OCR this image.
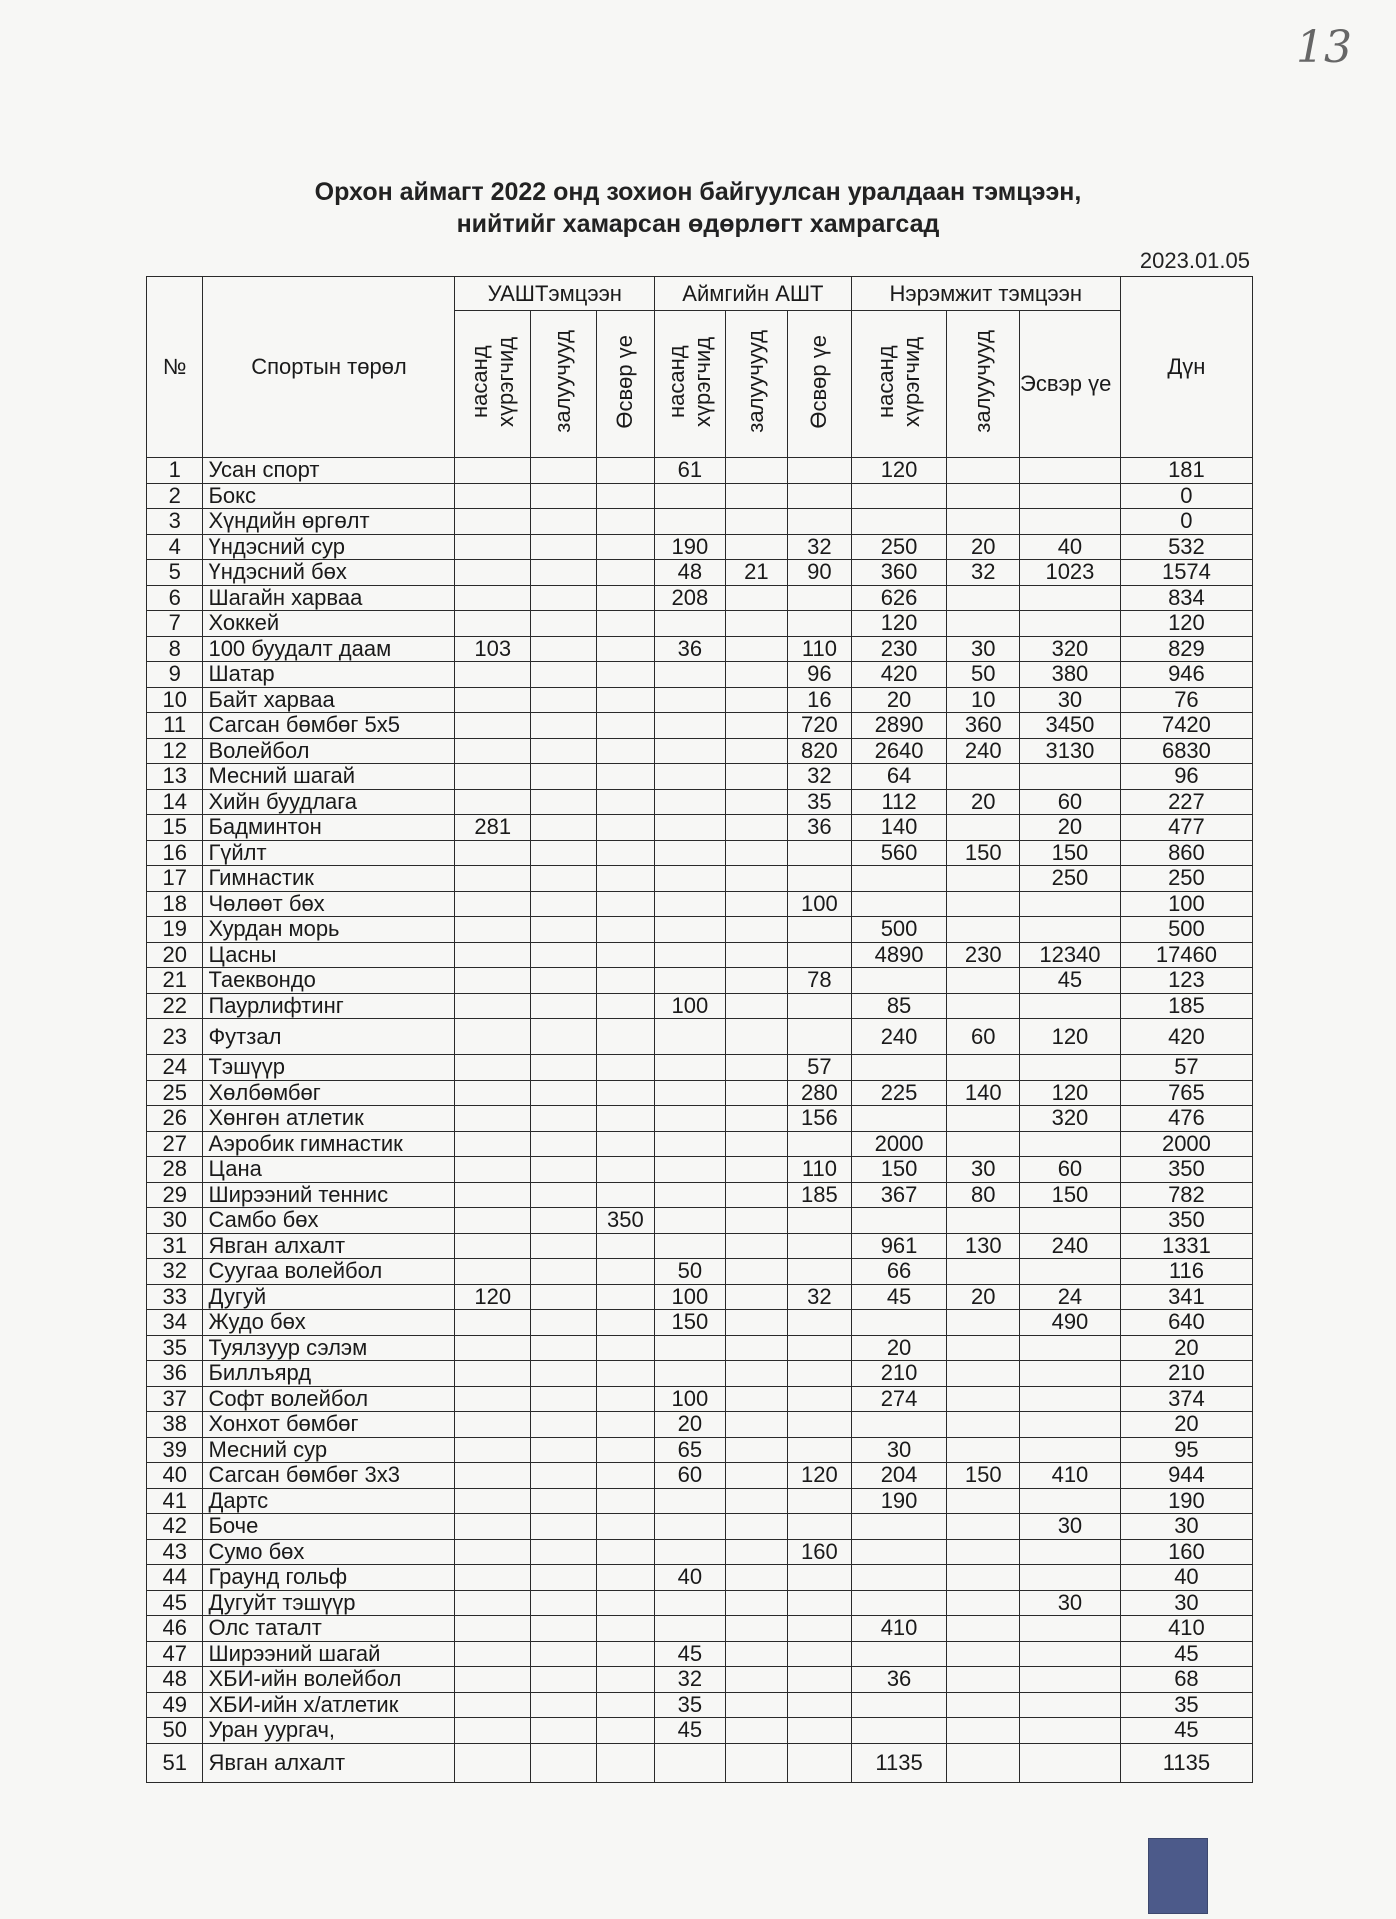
13
Орхон аймагт 2022 онд зохион байгуулсан уралдаан тэмцээн,
нийтийг хамарсан өдөрлөгт хамрагсад
2023.01.05
№	Спортын төрөл	УАШТэмцээн			Аймгийн АШТ			Нэрэмжит тэмцээн			Дүн
		насанд хүрэгчид	залуучууд	Өсвөр үе	насанд хүрэгчид	залуучууд	Өсвөр үе	насанд хүрэгчид	залуучууд	Эсвэр үе	
1	Усан спорт				61			120			181
2	Бокс										0
3	Хүндийн өргөлт										0
4	Үндэсний сур				190		32	250	20	40	532
5	Үндэсний бөх				48	21	90	360	32	1023	1574
6	Шагайн харваа				208			626			834
7	Хоккей							120			120
8	100 буудалт даам	103			36		110	230	30	320	829
9	Шатар						96	420	50	380	946
10	Байт харваа						16	20	10	30	76
11	Сагсан бөмбөг 5х5						720	2890	360	3450	7420
12	Волейбол						820	2640	240	3130	6830
13	Месний шагай						32	64			96
14	Хийн буудлага						35	112	20	60	227
15	Бадминтон	281					36	140		20	477
16	Гүйлт							560	150	150	860
17	Гимнастик									250	250
18	Чөлөөт бөх						100				100
19	Хурдан морь							500			500
20	Цасны							4890	230	12340	17460
21	Таеквондо						78			45	123
22	Паурлифтинг				100			85			185
23	Футзал							240	60	120	420
24	Тэшүүр						57				57
25	Хөлбөмбөг						280	225	140	120	765
26	Хөнгөн атлетик						156			320	476
27	Аэробик гимнастик							2000			2000
28	Цана						110	150	30	60	350
29	Ширээний теннис						185	367	80	150	782
30	Самбо бөх			350							350
31	Явган алхалт							961	130	240	1331
32	Суугаа волейбол				50			66			116
33	Дугуй	120			100		32	45	20	24	341
34	Жудо бөх				150					490	640
35	Туялзуур сэлэм							20			20
36	Биллъярд							210			210
37	Софт волейбол				100			274			374
38	Хонхот бөмбөг				20						20
39	Месний сур				65			30			95
40	Сагсан бөмбөг 3х3				60		120	204	150	410	944
41	Дартс							190			190
42	Боче									30	30
43	Сумо бөх						160				160
44	Граунд гольф				40						40
45	Дугуйт тэшүүр									30	30
46	Олс таталт							410			410
47	Ширээний шагай				45						45
48	ХБИ-ийн волейбол				32			36			68
49	ХБИ-ийн х/атлетик				35						35
50	Уран уургач,				45						45
51	Явган алхалт							1135			1135
